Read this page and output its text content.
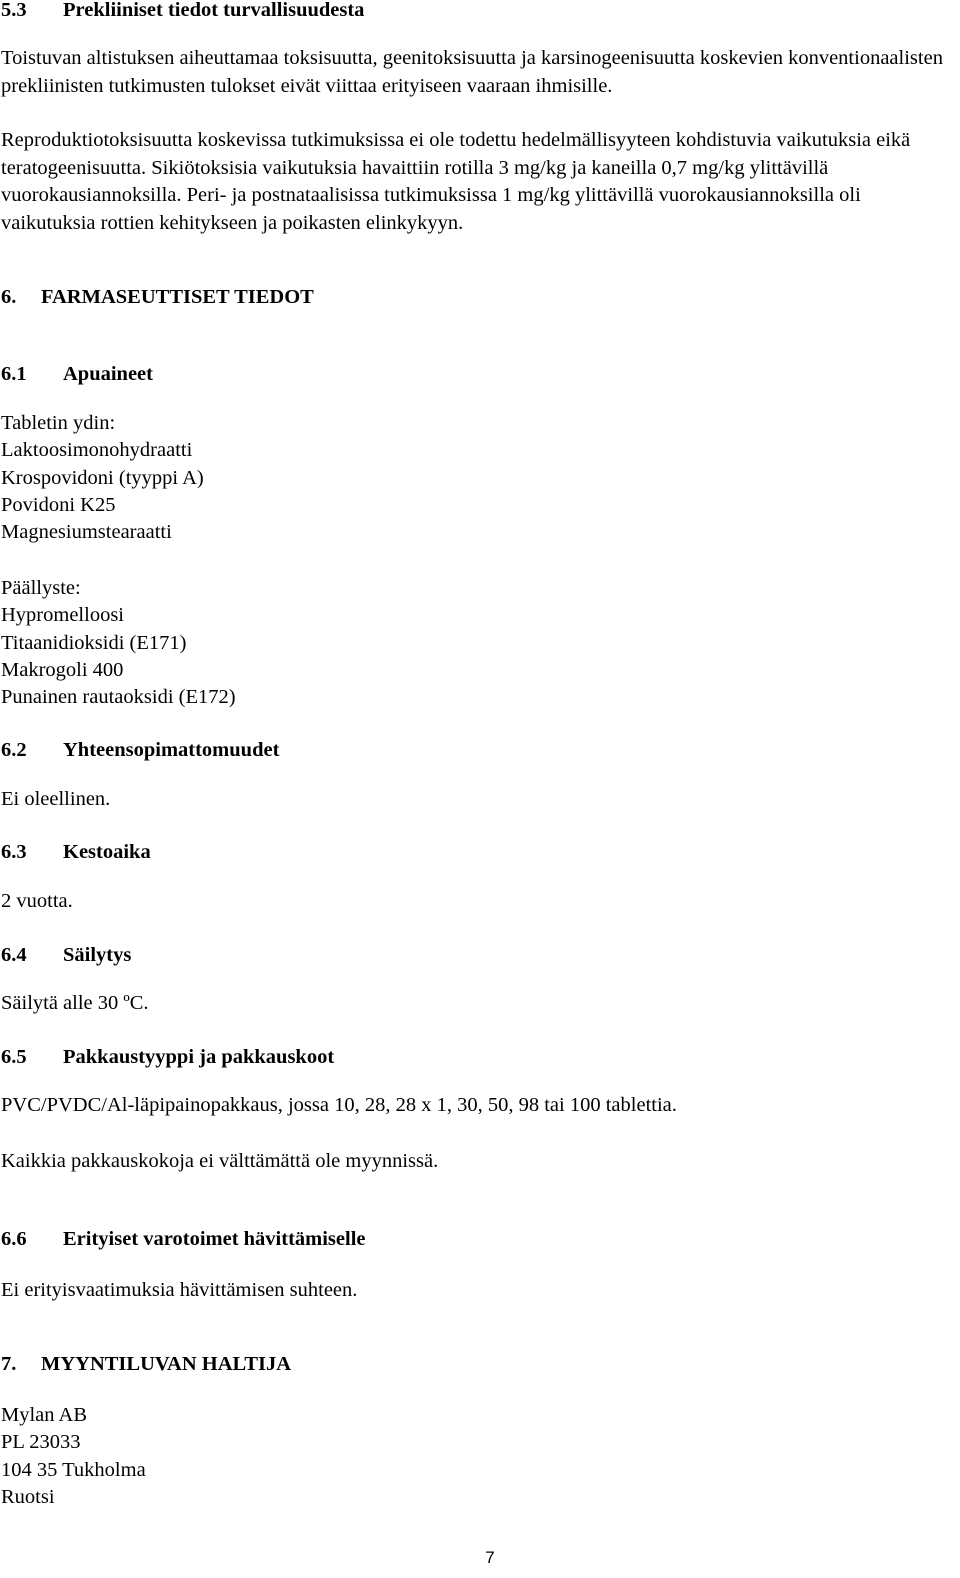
5.3 Prekliiniset tiedot turvallisuudesta

Toistuvan altistuksen aiheuttamaa toksisuutta, geenitoksisuutta ja karsinogeenisuutta koskevien konventionaalisten prekliinisten tutkimusten tulokset eivät viittaa erityiseen vaaraan ihmisille.

Reproduktiotoksisuutta koskevissa tutkimuksissa ei ole todettu hedelmällisyyteen kohdistuvia vaikutuksia eikä teratogeenisuutta. Sikiötoksisia vaikutuksia havaittiin rotilla 3 mg/kg ja kaneilla 0,7 mg/kg ylittävillä vuorokausiannoksilla. Peri- ja postnataalisissa tutkimuksissa 1 mg/kg ylittävillä vuorokausiannoksilla oli vaikutuksia rottien kehitykseen ja poikasten elinkykyyn.

6. FARMASEUTTISET TIEDOT
6.1 Apuaineet
Tabletin ydin:
Laktoosimonohydraatti
Krospovidoni (tyyppi A)
Povidoni K25
Magnesiumstearaatti
Päällyste:
Hypromelloosi
Titaanidioksidi (E171)
Makrogoli 400
Punainen rautaoksidi (E172)
6.2 Yhteensopimattomuudet
Ei oleellinen.
6.3 Kestoaika
2 vuotta.
6.4 Säilytys
Säilytä alle 30 ºC.
6.5 Pakkaustyyppi ja pakkauskoot
PVC/PVDC/Al-läpipainopakkaus, jossa 10, 28, 28 x 1, 30, 50, 98 tai 100 tablettia.
Kaikkia pakkauskokoja ei välttämättä ole myynnissä.
6.6 Erityiset varotoimet hävittämiselle
Ei erityisvaatimuksia hävittämisen suhteen.
7. MYYNTILUVAN HALTIJA
Mylan AB
PL 23033
104 35 Tukholma
Ruotsi
7
